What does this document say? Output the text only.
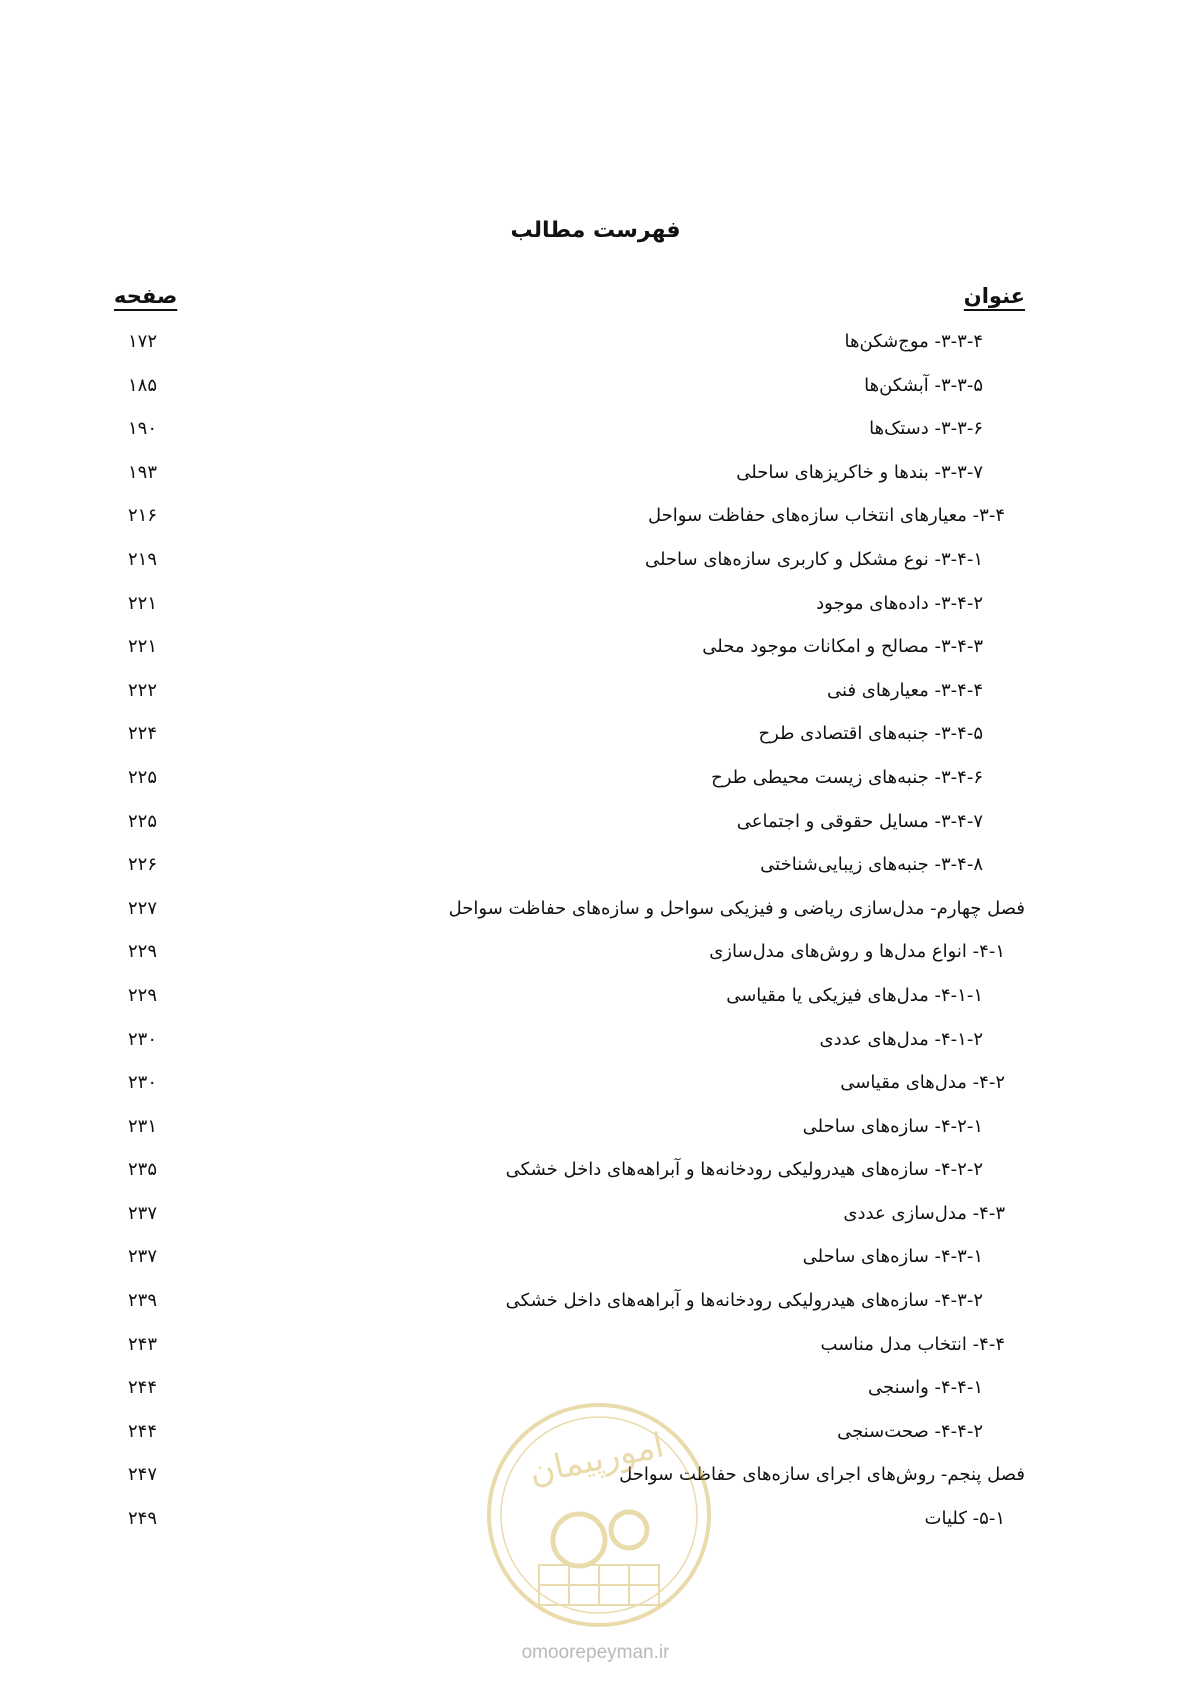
فهرست مطالب
عنوان
صفحه
۳-۳-۴- موج‌شکن‌ها
۱۷۲
۳-۳-۵- آبشکن‌ها
۱۸۵
۳-۳-۶- دستک‌ها
۱۹۰
۳-۳-۷- بندها و خاکریزهای ساحلی
۱۹۳
۳-۴- معیارهای انتخاب سازه‌های حفاظت سواحل
۲۱۶
۳-۴-۱- نوع مشکل و کاربری سازه‌های ساحلی
۲۱۹
۳-۴-۲- داده‌های موجود
۲۲۱
۳-۴-۳- مصالح و امکانات موجود محلی
۲۲۱
۳-۴-۴- معیارهای فنی
۲۲۲
۳-۴-۵- جنبه‌های اقتصادی طرح
۲۲۴
۳-۴-۶- جنبه‌های زیست محیطی طرح
۲۲۵
۳-۴-۷- مسایل حقوقی و اجتماعی
۲۲۵
۳-۴-۸- جنبه‌های زیبایی‌شناختی
۲۲۶
فصل چهارم- مدل‌سازی ریاضی و فیزیکی سواحل و سازه‌های حفاظت سواحل
۲۲۷
۴-۱- انواع مدل‌ها و روش‌های مدل‌سازی
۲۲۹
۴-۱-۱- مدل‌های فیزیکی یا مقیاسی
۲۲۹
۴-۱-۲- مدل‌های عددی
۲۳۰
۴-۲- مدل‌های مقیاسی
۲۳۰
۴-۲-۱- سازه‌های ساحلی
۲۳۱
۴-۲-۲- سازه‌های هیدرولیکی رودخانه‌ها و آبراهه‌های داخل خشکی
۲۳۵
۴-۳- مدل‌سازی عددی
۲۳۷
۴-۳-۱- سازه‌های ساحلی
۲۳۷
۴-۳-۲- سازه‌های هیدرولیکی رودخانه‌ها و آبراهه‌های داخل خشکی
۲۳۹
۴-۴- انتخاب مدل مناسب
۲۴۳
۴-۴-۱- واسنجی
۲۴۴
۴-۴-۲- صحت‌سنجی
۲۴۴
فصل پنجم- روش‌های اجرای سازه‌های حفاظت سواحل
۲۴۷
۵-۱- کلیات
۲۴۹
امورپیمان
omoorepeyman.ir
